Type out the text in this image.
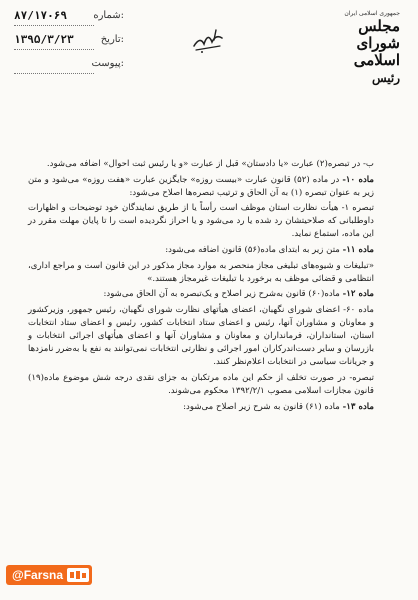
۸۷/۱۷۰۶۹	شماره:
۱۳۹۵/۳/۲۳	تاریخ:
پیوست:
جمهوری اسلامی ایران
مجلس شورای اسلامی
رئیس

ب- در تبصره(۲) عبارت «یا دادستان» قبل از عبارت «و یا رئیس ثبت احوال» اضافه می‌شود.

ماده ۱۰- در ماده (۵۲) قانون عبارت «بیست روزه» جایگزین عبارت «هفت روزه» می‌شود و متن زیر به عنوان تبصره (۱) به آن الحاق و ترتیب تبصره‌ها اصلاح می‌شود:

تبصره ۱- هیأت نظارت استان موظف است رأساً یا از طریق نمایندگان خود توضیحات و اظهارات داوطلبانی که صلاحیتشان رد شده یا رد می‌شود و یا احراز نگردیده است را تا پایان مهلت مقرر در این ماده، استماع نماید.

ماده ۱۱- متن زیر به ابتدای ماده(۵۶) قانون اضافه می‌شود:

«تبلیغات و شیوه‌های تبلیغی مجاز منحصر به موارد مجاز مذکور در این قانون است و مراجع اداری، انتظامی و قضائی موظف به برخورد با تبلیغات غیرمجاز هستند.»

ماده ۱۲- ماده(۶۰) قانون به‌شرح زیر اصلاح و یک‌تبصره به آن الحاق می‌شود:

ماده ۶۰- اعضای شورای نگهبان، اعضای هیأتهای نظارت شورای نگهبان، رئیس جمهور، وزیرکشور و معاونان و مشاوران آنها، رئیس و اعضای ستاد انتخابات کشور، رئیس و اعضای ستاد انتخابات استان، استانداران، فرمانداران و معاونان و مشاوران آنها و اعضای هیأتهای اجرائی انتخابات و بازرسان و سایر دست‌اندرکاران امور اجرائی و نظارتی انتخابات نمی‌توانند به نفع یا به‌ضرر نامزدها و جریانات سیاسی در انتخابات اعلام‌نظر کنند.

تبصره- در صورت تخلف از حکم این ماده مرتکبان به جزای نقدی درجه شش موضوع ماده(۱۹) قانون مجازات اسلامی مصوب ۱۳۹۲/۲/۱ محکوم می‌شوند.

ماده ۱۳- ماده (۶۱) قانون به شرح زیر اصلاح می‌شود:

@Farsna
